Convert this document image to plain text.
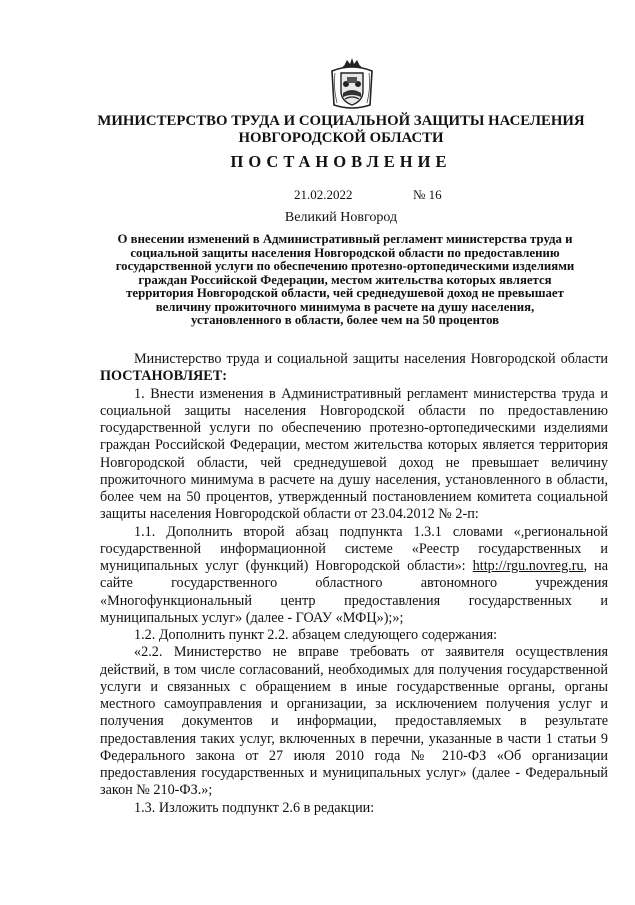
МИНИСТЕРСТВО ТРУДА И СОЦИАЛЬНОЙ ЗАЩИТЫ НАСЕЛЕНИЯ
НОВГОРОДСКОЙ ОБЛАСТИ
ПОСТАНОВЛЕНИЕ
21.02.2022	№ 16
Великий Новгород
О внесении изменений в Административный регламент министерства труда и социальной защиты населения Новгородской области по предоставлению государственной услуги по обеспечению протезно-ортопедическими изделиями граждан Российской Федерации, местом жительства которых является территория Новгородской области, чей среднедушевой доход не превышает величину прожиточного минимума в расчете на душу населения, установленного в области, более чем на 50 процентов

Министерство труда и социальной защиты населения Новгородской области ПОСТАНОВЛЯЕТ:

1. Внести изменения в Административный регламент министерства труда и социальной защиты населения Новгородской области по предоставлению государственной услуги по обеспечению протезно-ортопедическими изделиями граждан Российской Федерации, местом жительства которых является территория Новгородской области, чей среднедушевой доход не превышает величину прожиточного минимума в расчете на душу населения, установленного в области, более чем на 50 процентов, утвержденный постановлением комитета социальной защиты населения Новгородской области от 23.04.2012 № 2-п:

1.1. Дополнить второй абзац подпункта 1.3.1 словами «,региональной государственной информационной системе «Реестр государственных и муниципальных услуг (функций) Новгородской области»: http://rgu.novreg.ru, на сайте государственного областного автономного учреждения «Многофункциональный центр предоставления государственных и муниципальных услуг» (далее - ГОАУ «МФЦ»);»;

1.2. Дополнить пункт 2.2. абзацем следующего содержания:

«2.2. Министерство не вправе требовать от заявителя осуществления действий, в том числе согласований, необходимых для получения государственной услуги и связанных с обращением в иные государственные органы, органы местного самоуправления и организации, за исключением получения услуг и получения документов и информации, предоставляемых в результате предоставления таких услуг, включенных в перечни, указанные в части 1 статьи 9 Федерального закона от 27 июля 2010 года № 210-ФЗ «Об организации предоставления государственных и муниципальных услуг» (далее - Федеральный закон № 210-ФЗ.»;

1.3. Изложить подпункт 2.6 в редакции:
